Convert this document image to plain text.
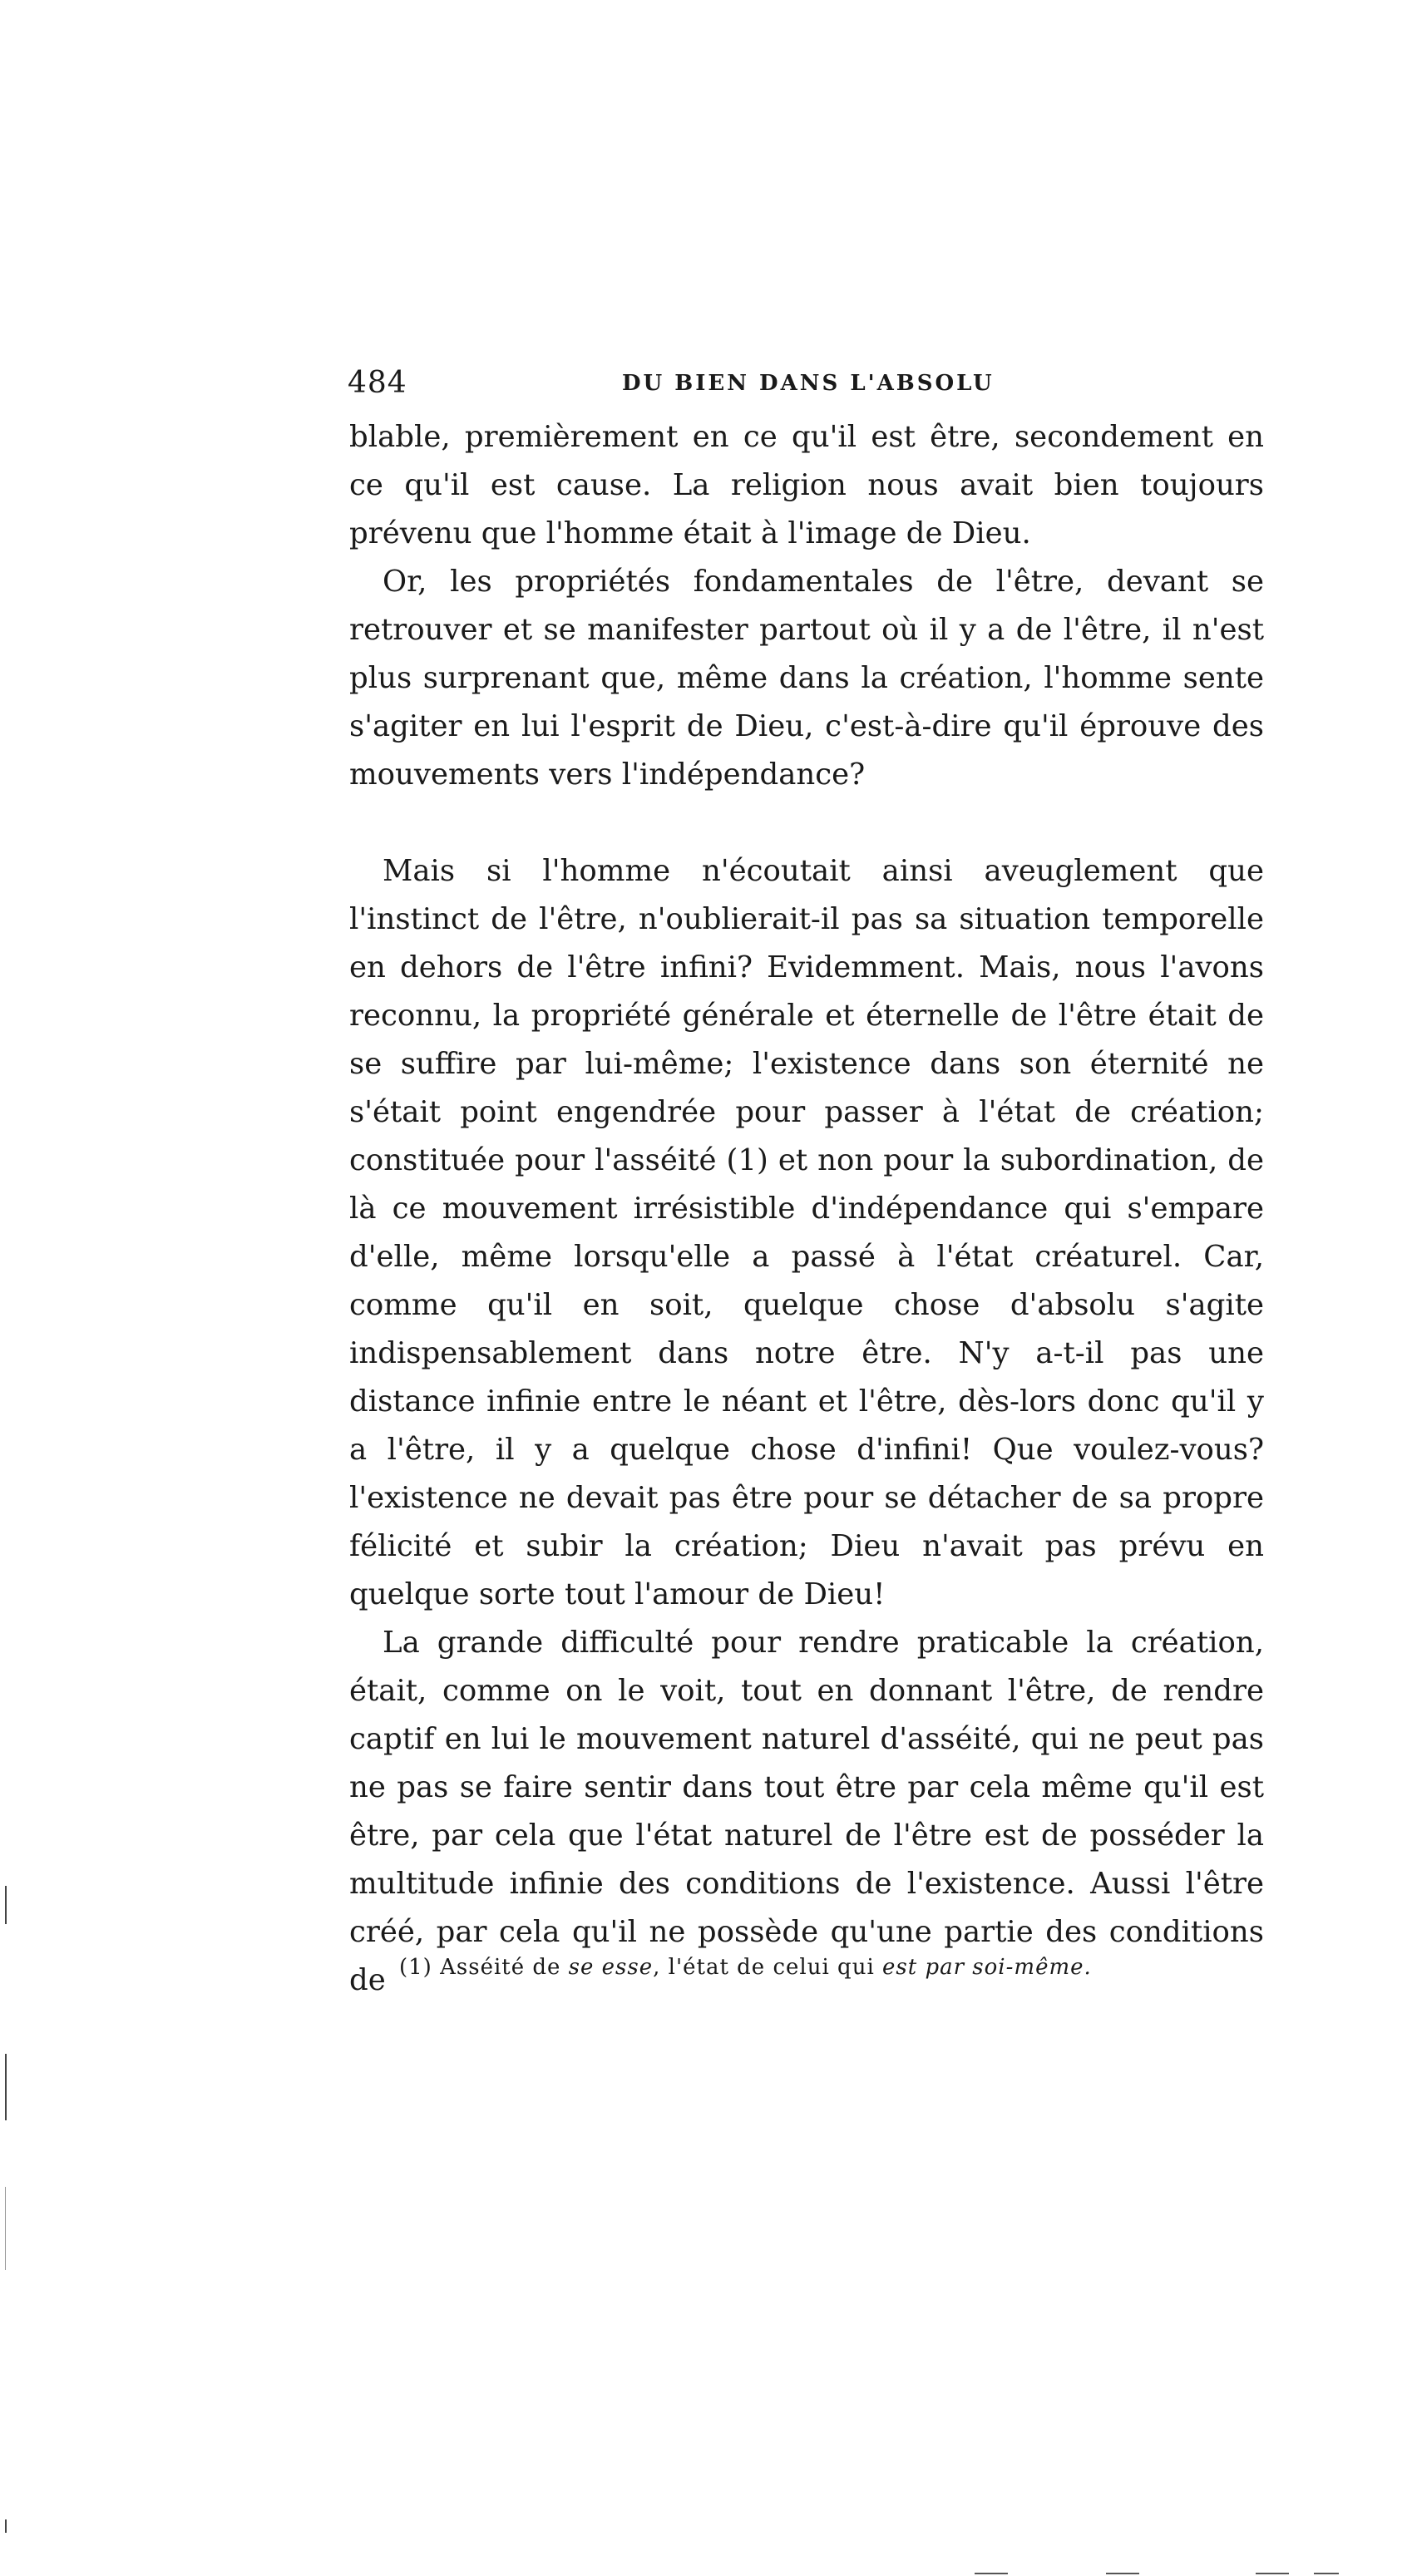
484	DU BIEN DANS L'ABSOLU

blable, premièrement en ce qu'il est être, secondement en ce qu'il est cause. La religion nous avait bien toujours prévenu que l'homme était à l'image de Dieu.

Or, les propriétés fondamentales de l'être, devant se retrouver et se manifester partout où il y a de l'être, il n'est plus surprenant que, même dans la création, l'homme sente s'agiter en lui l'esprit de Dieu, c'est-à-dire qu'il éprouve des mouvements vers l'indépendance?

Mais si l'homme n'écoutait ainsi aveuglement que l'instinct de l'être, n'oublierait-il pas sa situation temporelle en dehors de l'être infini? Evidemment. Mais, nous l'avons reconnu, la propriété générale et éternelle de l'être était de se suffire par lui-même; l'existence dans son éternité ne s'était point engendrée pour passer à l'état de création; constituée pour l'asséité (1) et non pour la subordination, de là ce mouvement irrésistible d'indépendance qui s'empare d'elle, même lorsqu'elle a passé à l'état créaturel. Car, comme qu'il en soit, quelque chose d'absolu s'agite indispensablement dans notre être. N'y a-t-il pas une distance infinie entre le néant et l'être, dès-lors donc qu'il y a l'être, il y a quelque chose d'infini! Que voulez-vous? l'existence ne devait pas être pour se détacher de sa propre félicité et subir la création; Dieu n'avait pas prévu en quelque sorte tout l'amour de Dieu!

La grande difficulté pour rendre praticable la création, était, comme on le voit, tout en donnant l'être, de rendre captif en lui le mouvement naturel d'asséité, qui ne peut pas ne pas se faire sentir dans tout être par cela même qu'il est être, par cela que l'état naturel de l'être est de posséder la multitude infinie des conditions de l'existence. Aussi l'être créé, par cela qu'il ne possède qu'une partie des conditions de (1) Asséité de se esse, l'état de celui qui est par soi-même.
